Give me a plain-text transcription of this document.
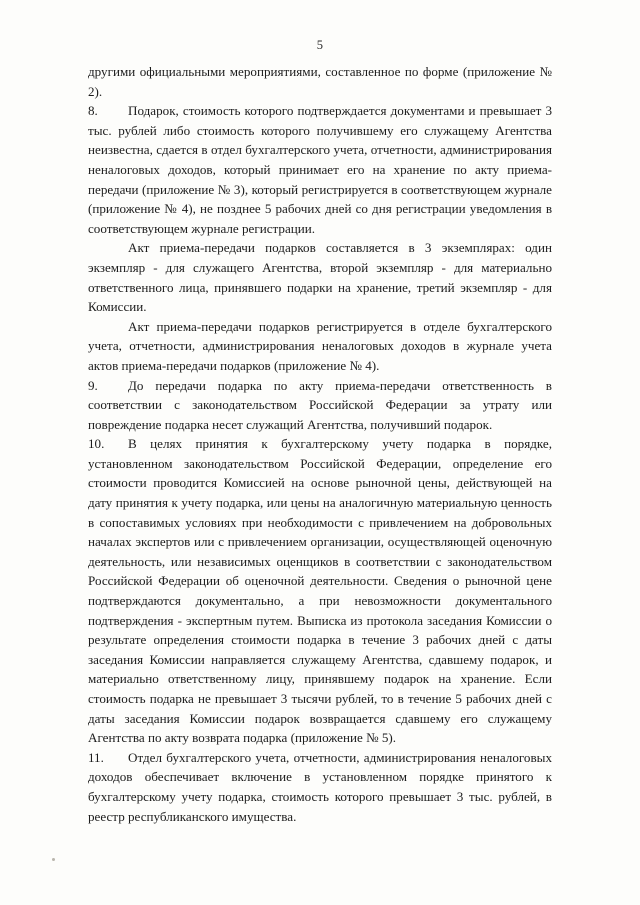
5

другими официальными мероприятиями, составленное по форме (приложение № 2).

8. Подарок, стоимость которого подтверждается документами и превышает 3 тыс. рублей либо стоимость которого получившему его служащему Агентства неизвестна, сдается в отдел бухгалтерского учета, отчетности, администрирования неналоговых доходов, который принимает его на хранение по акту приема-передачи (приложение № 3), который регистрируется в соответствующем журнале (приложение № 4), не позднее 5 рабочих дней со дня регистрации уведомления в соответствующем журнале регистрации.

Акт приема-передачи подарков составляется в 3 экземплярах: один экземпляр - для служащего Агентства, второй экземпляр - для материально ответственного лица, принявшего подарки на хранение, третий экземпляр - для Комиссии.

Акт приема-передачи подарков регистрируется в отделе бухгалтерского учета, отчетности, администрирования неналоговых доходов в журнале учета актов приема-передачи подарков (приложение № 4).

9. До передачи подарка по акту приема-передачи ответственность в соответствии с законодательством Российской Федерации за утрату или повреждение подарка несет служащий Агентства, получивший подарок.

10. В целях принятия к бухгалтерскому учету подарка в порядке, установленном законодательством Российской Федерации, определение его стоимости проводится Комиссией на основе рыночной цены, действующей на дату принятия к учету подарка, или цены на аналогичную материальную ценность в сопоставимых условиях при необходимости с привлечением на добровольных началах экспертов или с привлечением организации, осуществляющей оценочную деятельность, или независимых оценщиков в соответствии с законодательством Российской Федерации об оценочной деятельности. Сведения о рыночной цене подтверждаются документально, а при невозможности документального подтверждения - экспертным путем. Выписка из протокола заседания Комиссии о результате определения стоимости подарка в течение 3 рабочих дней с даты заседания Комиссии направляется служащему Агентства, сдавшему подарок, и материально ответственному лицу, принявшему подарок на хранение. Если стоимость подарка не превышает 3 тысячи рублей, то в течение 5 рабочих дней с даты заседания Комиссии подарок возвращается сдавшему его служащему Агентства по акту возврата подарка (приложение № 5).

11. Отдел бухгалтерского учета, отчетности, администрирования неналоговых доходов обеспечивает включение в установленном порядке принятого к бухгалтерскому учету подарка, стоимость которого превышает 3 тыс. рублей, в реестр республиканского имущества.
